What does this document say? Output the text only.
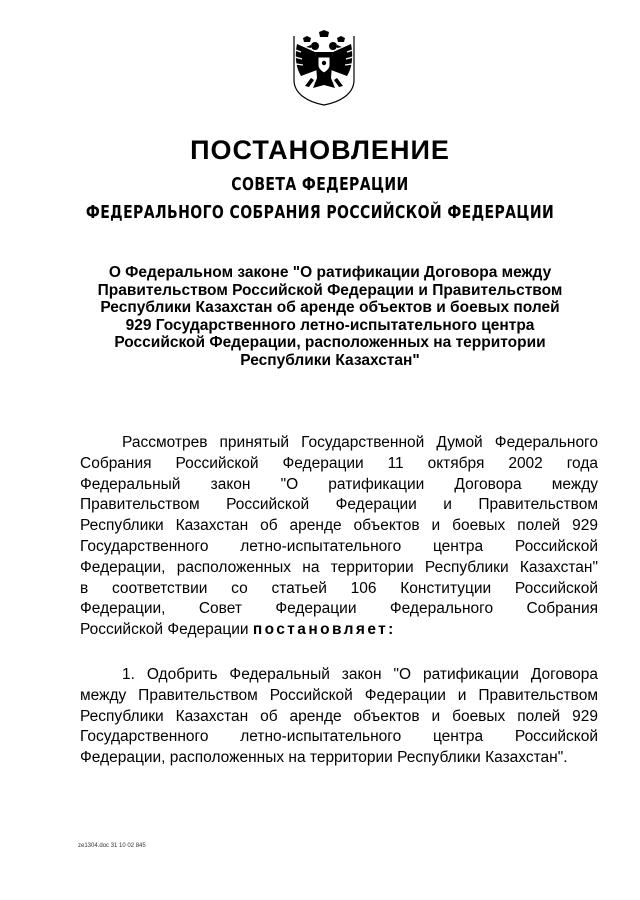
ПОСТАНОВЛЕНИЕ
СОВЕТА ФЕДЕРАЦИИ
ФЕДЕРАЛЬНОГО СОБРАНИЯ РОССИЙСКОЙ ФЕДЕРАЦИИ
О Федеральном законе "О ратификации Договора между
Правительством Российской Федерации и Правительством
Республики Казахстан об аренде объектов и боевых полей
929 Государственного летно-испытательного центра
Российской Федерации, расположенных на территории
Республики Казахстан"
Рассмотрев принятый Государственной Думой Федерального
Собрания Российской Федерации 11 октября 2002 года
Федеральный закон "О ратификации Договора между
Правительством Российской Федерации и Правительством
Республики Казахстан об аренде объектов и боевых полей 929
Государственного летно-испытательного центра Российской
Федерации, расположенных на территории Республики Казахстан"
в соответствии со статьей 106 Конституции Российской
Федерации, Совет Федерации Федерального Собрания
Российской Федерации постановляет:
1. Одобрить Федеральный закон "О ратификации Договора
между Правительством Российской Федерации и Правительством
Республики Казахстан об аренде объектов и боевых полей 929
Государственного летно-испытательного центра Российской
Федерации, расположенных на территории Республики Казахстан".
ze1304.doc 31 10 02 845
